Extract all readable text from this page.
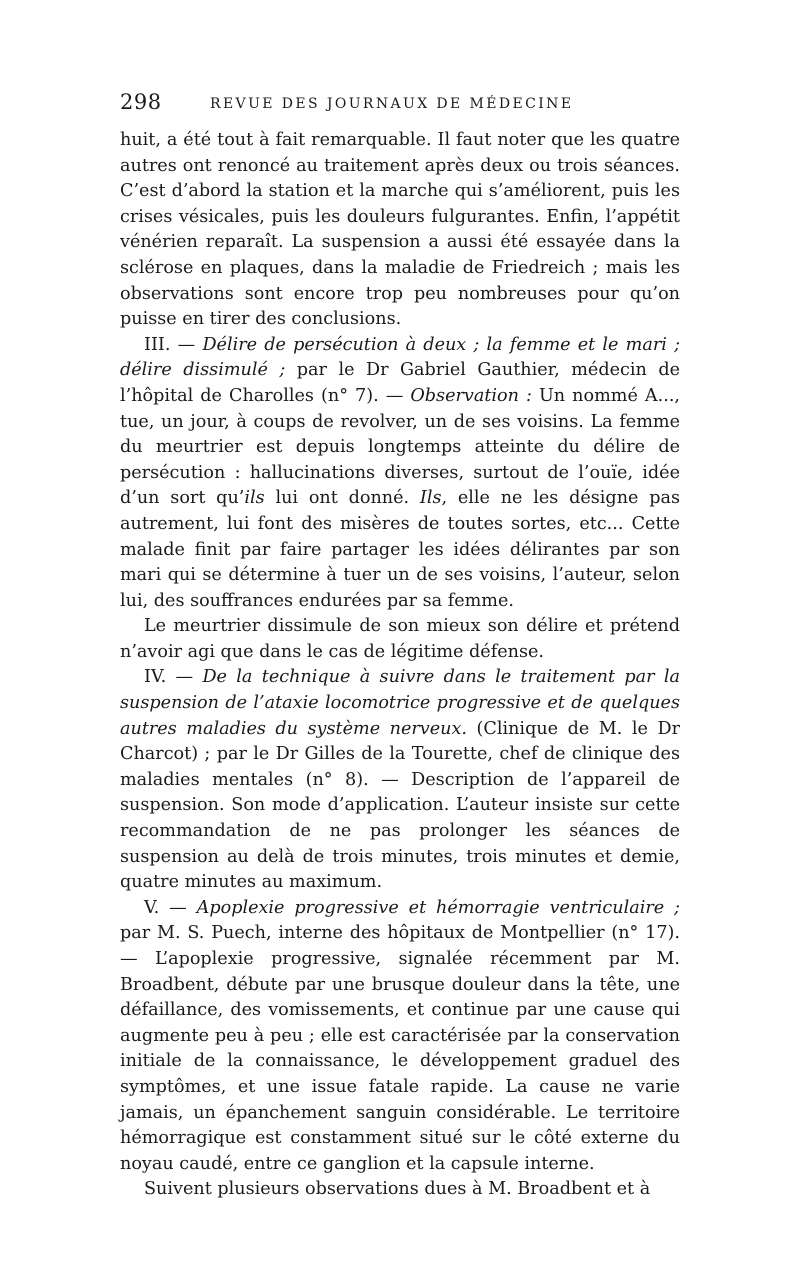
298	REVUE DES JOURNAUX DE MÉDECINE

huit, a été tout à fait remarquable. Il faut noter que les quatre autres ont renoncé au traitement après deux ou trois séances. C’est d’abord la station et la marche qui s’améliorent, puis les crises vésicales, puis les douleurs fulgurantes. Enfin, l’appétit vénérien reparaît. La suspension a aussi été essayée dans la sclérose en plaques, dans la maladie de Friedreich ; mais les observations sont encore trop peu nombreuses pour qu’on puisse en tirer des conclusions.

III. — Délire de persécution à deux ; la femme et le mari ; délire dissimulé ; par le Dr Gabriel Gauthier, médecin de l’hôpital de Charolles (n° 7). — Observation : Un nommé A..., tue, un jour, à coups de revolver, un de ses voisins. La femme du meurtrier est depuis longtemps atteinte du délire de persécution : hallucinations diverses, surtout de l’ouïe, idée d’un sort qu’ils lui ont donné. Ils, elle ne les désigne pas autrement, lui font des misères de toutes sortes, etc... Cette malade finit par faire partager les idées délirantes par son mari qui se détermine à tuer un de ses voisins, l’auteur, selon lui, des souffrances endurées par sa femme.

Le meurtrier dissimule de son mieux son délire et prétend n’avoir agi que dans le cas de légitime défense.

IV. — De la technique à suivre dans le traitement par la suspension de l’ataxie locomotrice progressive et de quelques autres maladies du système nerveux. (Clinique de M. le Dr Charcot) ; par le Dr Gilles de la Tourette, chef de clinique des maladies mentales (n° 8). — Description de l’appareil de suspension. Son mode d’application. L’auteur insiste sur cette recommandation de ne pas prolonger les séances de suspension au delà de trois minutes, trois minutes et demie, quatre minutes au maximum.

V. — Apoplexie progressive et hémorragie ventriculaire ; par M. S. Puech, interne des hôpitaux de Montpellier (n° 17). — L’apoplexie progressive, signalée récemment par M. Broadbent, débute par une brusque douleur dans la tête, une défaillance, des vomissements, et continue par une cause qui augmente peu à peu ; elle est caractérisée par la conservation initiale de la connaissance, le développement graduel des symptômes, et une issue fatale rapide. La cause ne varie jamais, un épanchement sanguin considérable. Le territoire hémorragique est constamment situé sur le côté externe du noyau caudé, entre ce ganglion et la capsule interne.

Suivent plusieurs observations dues à M. Broadbent et à
